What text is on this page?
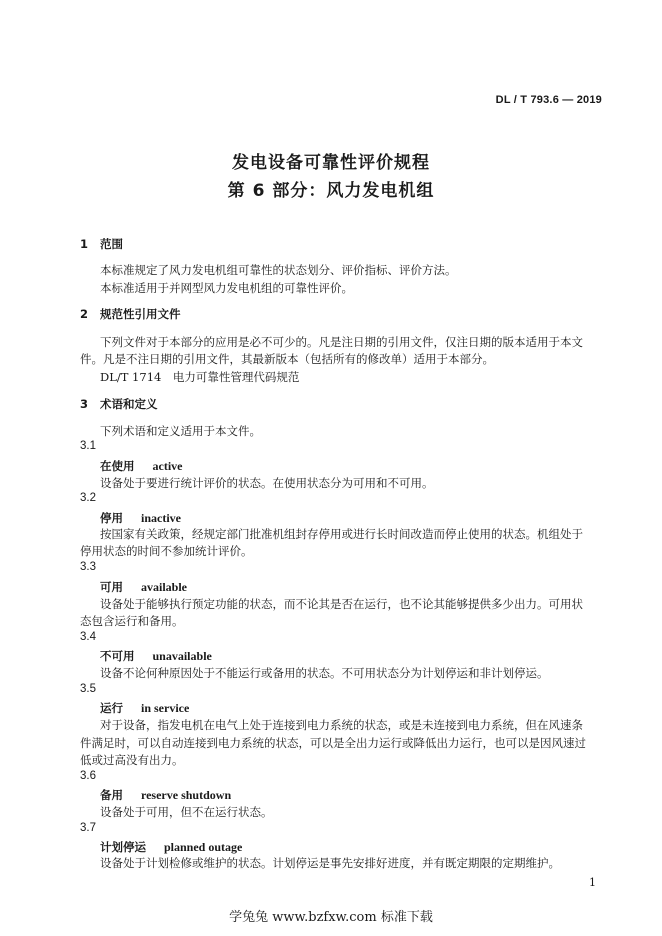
DL / T 793.6 — 2019
发电设备可靠性评价规程
第 6 部分：风力发电机组
1 范围
本标准规定了风力发电机组可靠性的状态划分、评价指标、评价方法。
本标准适用于并网型风力发电机组的可靠性评价。
2 规范性引用文件
下列文件对于本部分的应用是必不可少的。凡是注日期的引用文件，仅注日期的版本适用于本文
件。凡是不注日期的引用文件，其最新版本（包括所有的修改单）适用于本部分。
DL/T 1714　电力可靠性管理代码规范
3 术语和定义
下列术语和定义适用于本文件。
3.1
在使用 active
设备处于要进行统计评价的状态。在使用状态分为可用和不可用。
3.2
停用 inactive
按国家有关政策，经规定部门批准机组封存停用或进行长时间改造而停止使用的状态。机组处于
停用状态的时间不参加统计评价。
3.3
可用 available
设备处于能够执行预定功能的状态，而不论其是否在运行，也不论其能够提供多少出力。可用状
态包含运行和备用。
3.4
不可用 unavailable
设备不论何种原因处于不能运行或备用的状态。不可用状态分为计划停运和非计划停运。
3.5
运行 in service
对于设备，指发电机在电气上处于连接到电力系统的状态，或是未连接到电力系统，但在风速条
件满足时，可以自动连接到电力系统的状态，可以是全出力运行或降低出力运行，也可以是因风速过
低或过高没有出力。
3.6
备用 reserve shutdown
设备处于可用，但不在运行状态。
3.7
计划停运 planned outage
设备处于计划检修或维护的状态。计划停运是事先安排好进度，并有既定期限的定期维护。
1
学兔兔 www.bzfxw.com 标准下载
